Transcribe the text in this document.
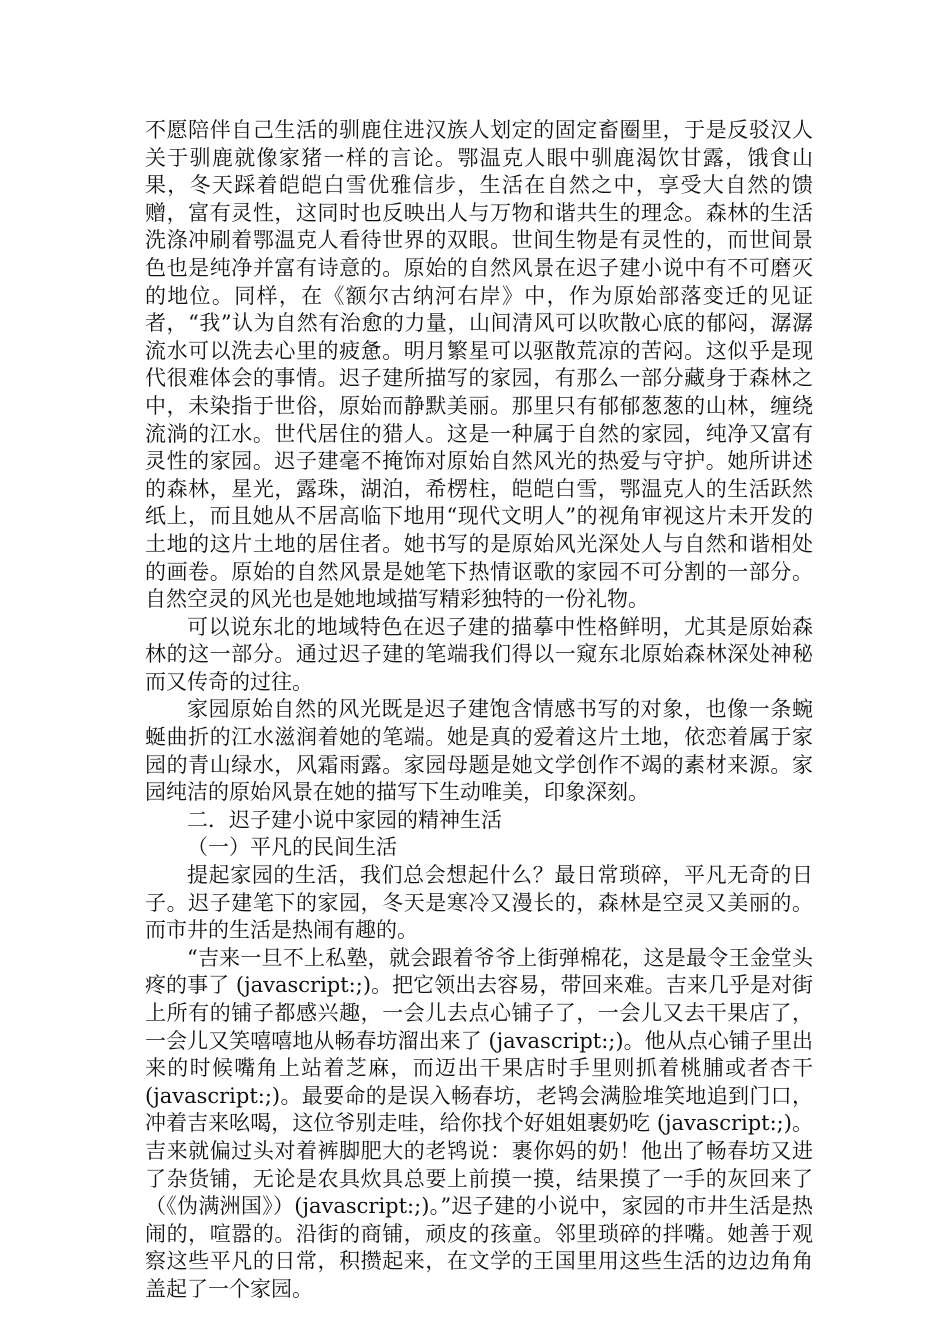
不愿陪伴自己生活的驯鹿住进汉族人划定的固定畜圈里，于是反驳汉人关于驯鹿就像家猪一样的言论。鄂温克人眼中驯鹿渴饮甘露，饿食山果，冬天踩着皑皑白雪优雅信步，生活在自然之中，享受大自然的馈赠，富有灵性，这同时也反映出人与万物和谐共生的理念。森林的生活洗涤冲刷着鄂温克人看待世界的双眼。世间生物是有灵性的，而世间景色也是纯净并富有诗意的。原始的自然风景在迟子建小说中有不可磨灭的地位。同样，在《额尔古纳河右岸》中，作为原始部落变迁的见证者，“我”认为自然有治愈的力量，山间清风可以吹散心底的郁闷，潺潺流水可以洗去心里的疲惫。明月繁星可以驱散荒凉的苦闷。这似乎是现代很难体会的事情。迟子建所描写的家园，有那么一部分藏身于森林之中，未染指于世俗，原始而静默美丽。那里只有郁郁葱葱的山林，缠绕流淌的江水。世代居住的猎人。这是一种属于自然的家园，纯净又富有灵性的家园。迟子建毫不掩饰对原始自然风光的热爱与守护。她所讲述的森林，星光，露珠，湖泊，希楞柱，皑皑白雪，鄂温克人的生活跃然纸上，而且她从不居高临下地用“现代文明人”的视角审视这片未开发的土地的这片土地的居住者。她书写的是原始风光深处人与自然和谐相处的画卷。原始的自然风景是她笔下热情讴歌的家园不可分割的一部分。自然空灵的风光也是她地域描写精彩独特的一份礼物。

可以说东北的地域特色在迟子建的描摹中性格鲜明，尤其是原始森林的这一部分。通过迟子建的笔端我们得以一窥东北原始森林深处神秘而又传奇的过往。

家园原始自然的风光既是迟子建饱含情感书写的对象，也像一条蜿蜒曲折的江水滋润着她的笔端。她是真的爱着这片土地，依恋着属于家园的青山绿水，风霜雨露。家园母题是她文学创作不竭的素材来源。家园纯洁的原始风景在她的描写下生动唯美，印象深刻。

二．迟子建小说中家园的精神生活

（一）平凡的民间生活

提起家园的生活，我们总会想起什么？最日常琐碎，平凡无奇的日子。迟子建笔下的家园，冬天是寒冷又漫长的，森林是空灵又美丽的。而市井的生活是热闹有趣的。

“吉来一旦不上私塾，就会跟着爷爷上街弹棉花，这是最令王金堂头疼的事了 (javascript:;)。把它领出去容易，带回来难。吉来几乎是对街上所有的铺子都感兴趣，一会儿去点心铺子了，一会儿又去干果店了，一会儿又笑嘻嘻地从畅春坊溜出来了 (javascript:;)。他从点心铺子里出来的时候嘴角上站着芝麻，而迈出干果店时手里则抓着桃脯或者杏干 (javascript:;)。最要命的是误入畅春坊，老鸨会满脸堆笑地追到门口，冲着吉来吆喝，这位爷别走哇，给你找个好姐姐裹奶吃 (javascript:;)。吉来就偏过头对着裤脚肥大的老鸨说：裹你妈的奶！他出了畅春坊又进了杂货铺，无论是农具炊具总要上前摸一摸，结果摸了一手的灰回来了（《伪满洲国》）(javascript:;)。”迟子建的小说中，家园的市井生活是热闹的，喧嚣的。沿街的商铺，顽皮的孩童。邻里琐碎的拌嘴。她善于观察这些平凡的日常，积攒起来，在文学的王国里用这些生活的边边角角盖起了一个家园。
